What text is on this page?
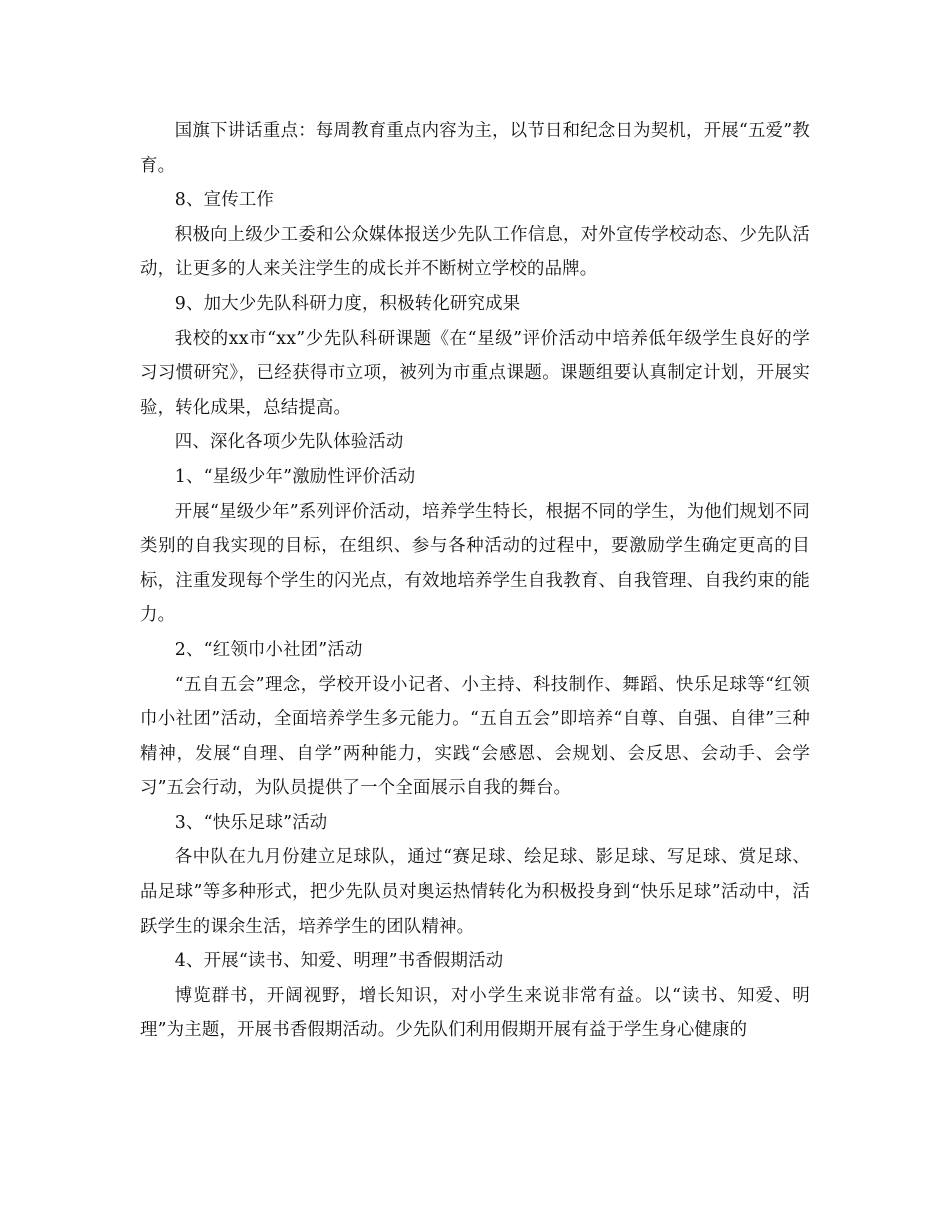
国旗下讲话重点：每周教育重点内容为主，以节日和纪念日为契机，开展“五爱”教育。

8、宣传工作

积极向上级少工委和公众媒体报送少先队工作信息，对外宣传学校动态、少先队活动，让更多的人来关注学生的成长并不断树立学校的品牌。

9、加大少先队科研力度，积极转化研究成果

我校的xx市“xx”少先队科研课题《在“星级”评价活动中培养低年级学生良好的学习习惯研究》，已经获得市立项，被列为市重点课题。课题组要认真制定计划，开展实验，转化成果，总结提高。

四、深化各项少先队体验活动

1、“星级少年”激励性评价活动

开展“星级少年”系列评价活动，培养学生特长，根据不同的学生，为他们规划不同类别的自我实现的目标，在组织、参与各种活动的过程中，要激励学生确定更高的目标，注重发现每个学生的闪光点，有效地培养学生自我教育、自我管理、自我约束的能力。

2、“红领巾小社团”活动

“五自五会”理念，学校开设小记者、小主持、科技制作、舞蹈、快乐足球等“红领巾小社团”活动，全面培养学生多元能力。“五自五会”即培养“自尊、自强、自律”三种精神，发展“自理、自学”两种能力，实践“会感恩、会规划、会反思、会动手、会学习”五会行动，为队员提供了一个全面展示自我的舞台。

3、“快乐足球”活动

各中队在九月份建立足球队，通过“赛足球、绘足球、影足球、写足球、赏足球、品足球”等多种形式，把少先队员对奥运热情转化为积极投身到“快乐足球”活动中，活跃学生的课余生活，培养学生的团队精神。

4、开展“读书、知爱、明理”书香假期活动

博览群书，开阔视野，增长知识，对小学生来说非常有益。以“读书、知爱、明理”为主题，开展书香假期活动。少先队们利用假期开展有益于学生身心健康的
